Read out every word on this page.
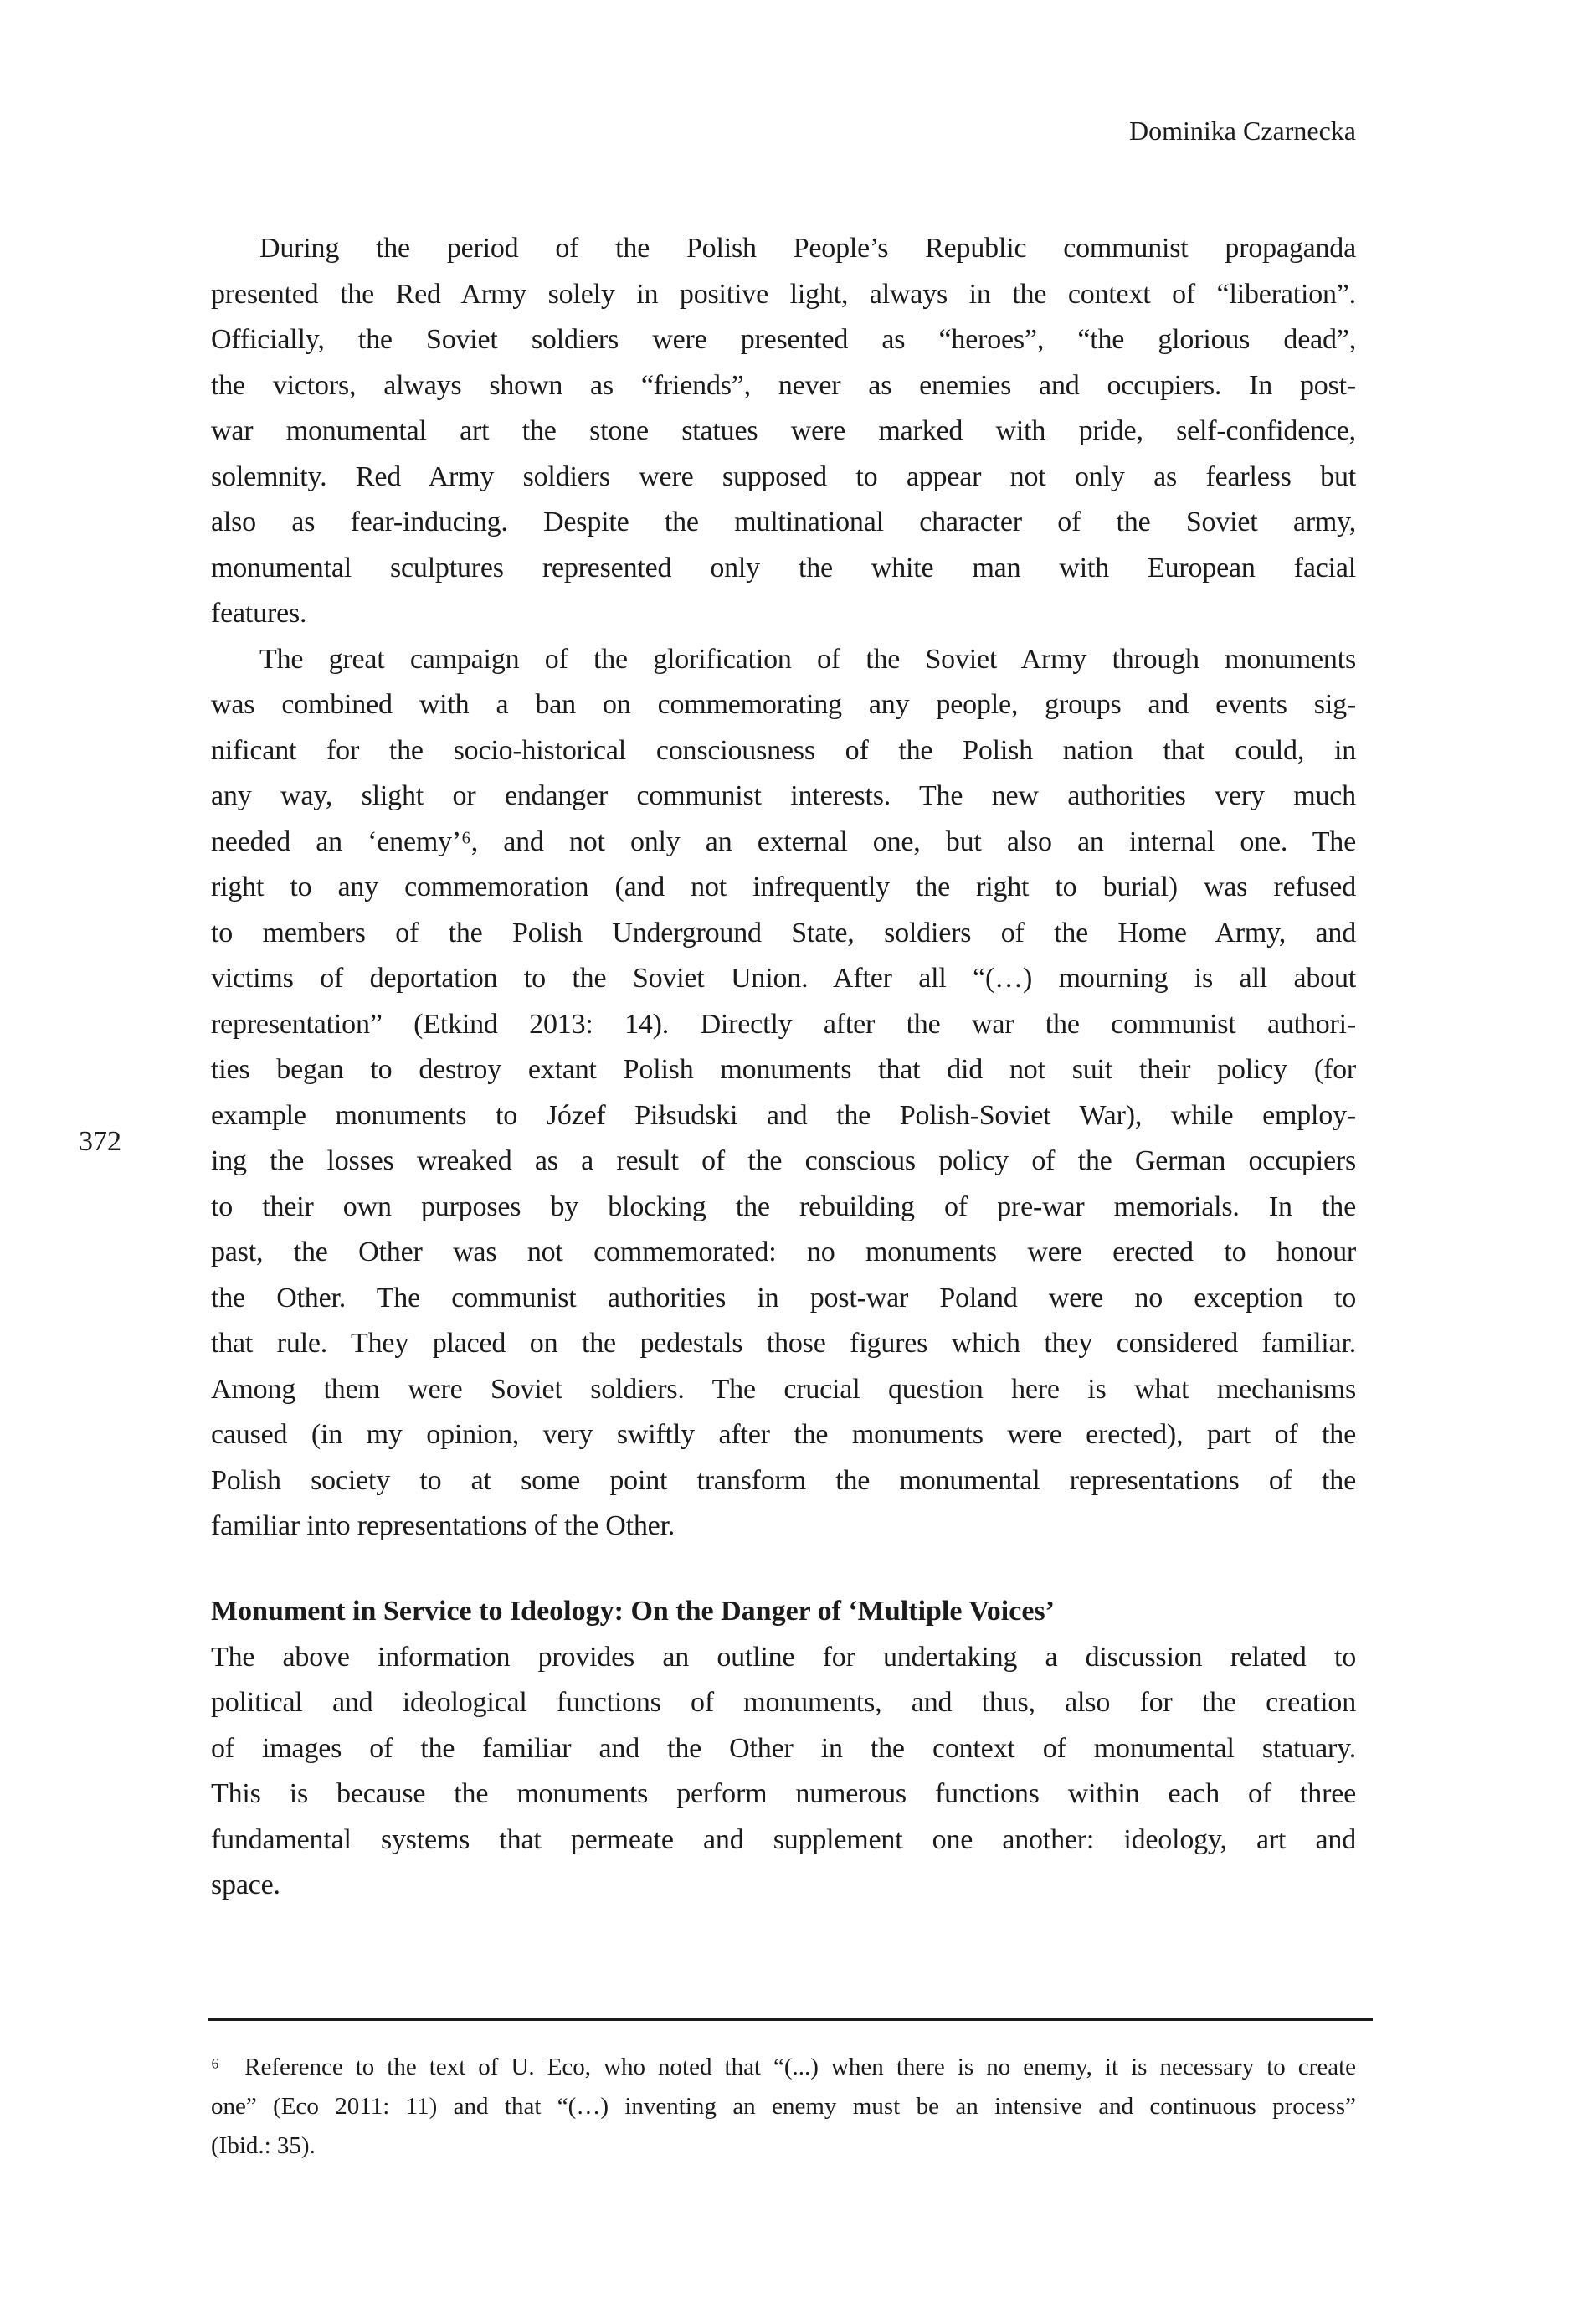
Dominika Czarnecka
372
During the period of the Polish People’s Republic communist propaganda
presented the Red Army solely in positive light, always in the context of “liberation”.
Officially, the Soviet soldiers were presented as “heroes”, “the glorious dead”,
the victors, always shown as “friends”, never as enemies and occupiers. In post-
war monumental art the stone statues were marked with pride, self-confidence,
solemnity. Red Army soldiers were supposed to appear not only as fearless but
also as fear-inducing. Despite the multinational character of the Soviet army,
monumental sculptures represented only the white man with European facial
features.
The great campaign of the glorification of the Soviet Army through monuments
was combined with a ban on commemorating any people, groups and events sig-
nificant for the socio-historical consciousness of the Polish nation that could, in
any way, slight or endanger communist interests. The new authorities very much
needed an ‘enemy’⁶, and not only an external one, but also an internal one. The
right to any commemoration (and not infrequently the right to burial) was refused
to members of the Polish Underground State, soldiers of the Home Army, and
victims of deportation to the Soviet Union. After all “(…) mourning is all about
representation” (Etkind 2013: 14). Directly after the war the communist authori-
ties began to destroy extant Polish monuments that did not suit their policy (for
example monuments to Józef Piłsudski and the Polish-Soviet War), while employ-
ing the losses wreaked as a result of the conscious policy of the German occupiers
to their own purposes by blocking the rebuilding of pre-war memorials. In the
past, the Other was not commemorated: no monuments were erected to honour
the Other. The communist authorities in post-war Poland were no exception to
that rule. They placed on the pedestals those figures which they considered familiar.
Among them were Soviet soldiers. The crucial question here is what mechanisms
caused (in my opinion, very swiftly after the monuments were erected), part of the
Polish society to at some point transform the monumental representations of the
familiar into representations of the Other.
Monument in Service to Ideology: On the Danger of ‘Multiple Voices’
The above information provides an outline for undertaking a discussion related to
political and ideological functions of monuments, and thus, also for the creation
of images of the familiar and the Other in the context of monumental statuary.
This is because the monuments perform numerous functions within each of three
fundamental systems that permeate and supplement one another: ideology, art and
space.
⁶  Reference to the text of U. Eco, who noted that “(...) when there is no enemy, it is necessary to create
one” (Eco 2011: 11) and that “(…) inventing an enemy must be an intensive and continuous process”
(Ibid.: 35).
